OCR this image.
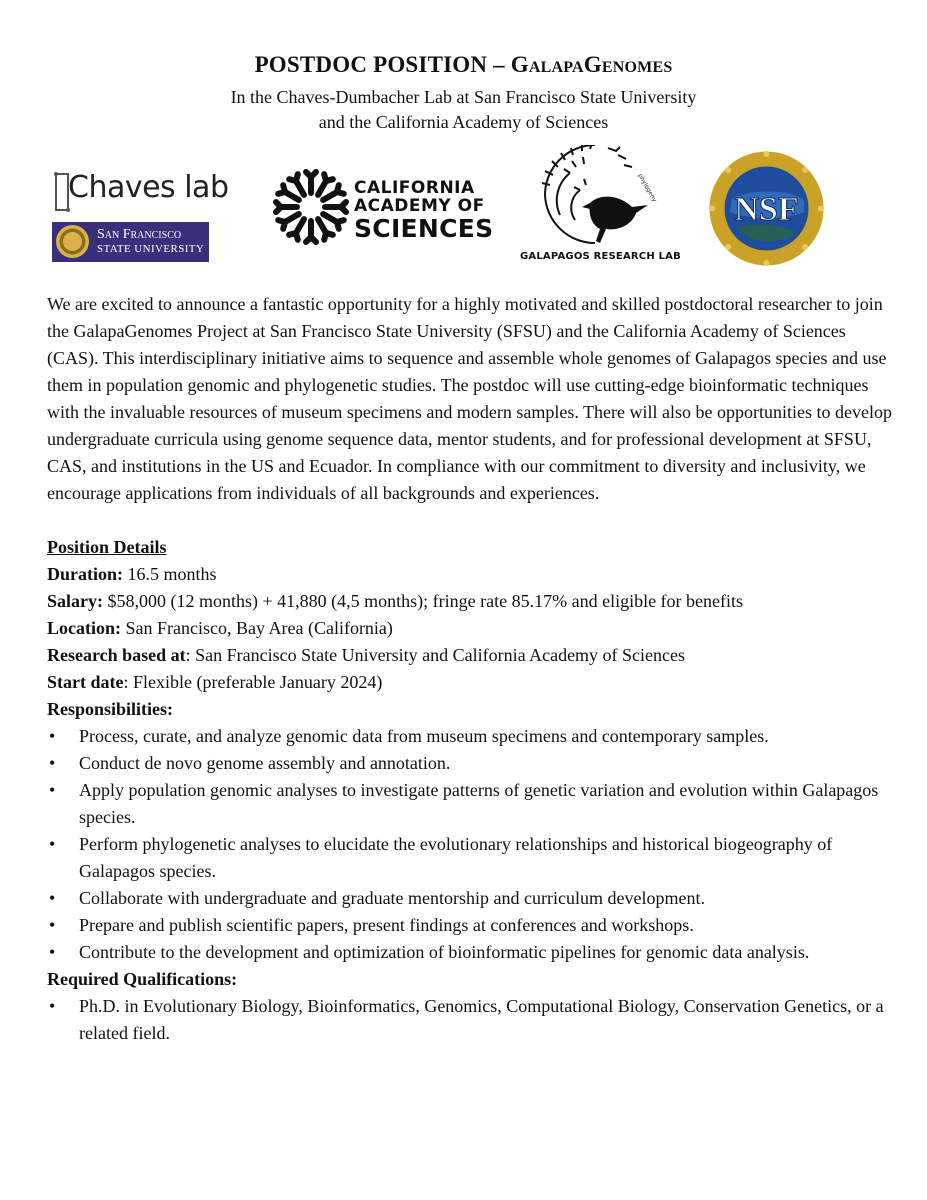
POSTDOC POSITION – GalapaGenomes
In the Chaves-Dumbacher Lab at San Francisco State University
and the California Academy of Sciences
Chaves lab
San Francisco
STATE UNIVERSITY
CALIFORNIA
ACADEMY OF
SCIENCES
phylogeny
GALAPAGOS RESEARCH LAB
NSF

We are excited to announce a fantastic opportunity for a highly motivated and skilled postdoctoral researcher to join the GalapaGenomes Project at San Francisco State University (SFSU) and the California Academy of Sciences (CAS). This interdisciplinary initiative aims to sequence and assemble whole genomes of Galapagos species and use them in population genomic and phylogenetic studies. The postdoc will use cutting-edge bioinformatic techniques with the invaluable resources of museum specimens and modern samples. There will also be opportunities to develop undergraduate curricula using genome sequence data, mentor students, and for professional development at SFSU, CAS, and institutions in the US and Ecuador. In compliance with our commitment to diversity and inclusivity, we encourage applications from individuals of all backgrounds and experiences.

Position Details
Duration: 16.5 months
Salary: $58,000 (12 months) + 41,880 (4,5 months); fringe rate 85.17% and eligible for benefits
Location: San Francisco, Bay Area (California)
Research based at: San Francisco State University and California Academy of Sciences
Start date: Flexible (preferable January 2024)
Responsibilities:
• Process, curate, and analyze genomic data from museum specimens and contemporary samples.
• Conduct de novo genome assembly and annotation.
• Apply population genomic analyses to investigate patterns of genetic variation and evolution within Galapagos species.
• Perform phylogenetic analyses to elucidate the evolutionary relationships and historical biogeography of Galapagos species.
• Collaborate with undergraduate and graduate mentorship and curriculum development.
• Prepare and publish scientific papers, present findings at conferences and workshops.
• Contribute to the development and optimization of bioinformatic pipelines for genomic data analysis.
Required Qualifications:
• Ph.D. in Evolutionary Biology, Bioinformatics, Genomics, Computational Biology, Conservation Genetics, or a related field.
